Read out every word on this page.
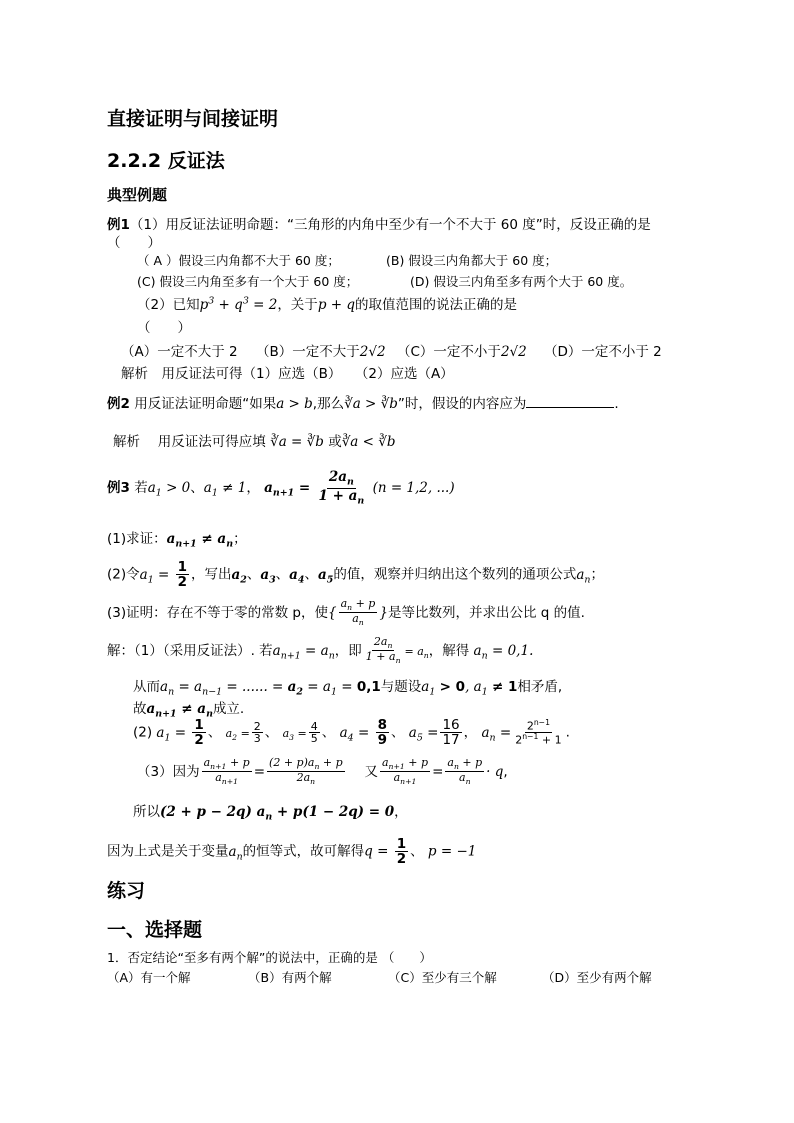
直接证明与间接证明
2.2.2 反证法
典型例题
例1（1）用反证法证明命题：“三角形的内角中至少有一个不大于 60 度”时，反设正确的是
（　　）
（ A ）假设三内角都不大于 60 度；	(B) 假设三内角都大于 60 度；
(C) 假设三内角至多有一个大于 60 度；	(D) 假设三内角至多有两个大于 60 度。
（2）已知$p^3 + q^3 = 2$，关于p + q的取值范围的说法正确的是
（　　）
（A）一定不大于 2 （B）一定不大于2√2 （C）一定不小于2√2 （D）一定不小于 2
解析　用反证法可得（1）应选（B）　　（2）应选（A）
例2 用反证法证明命题“如果a > b,那么∛a > ∛b”时，假设的内容应为	.
解析　 用反证法可得应填 ∛a = ∛b 或∛a < ∛b
例3 若$a_1 > 0$、$a_1 \ne 1$， $a_{n+1} = \frac{2a_n}{1 + a_n} (n = 1,2$, ...)
(1)求证：$a_{n+1} \ne a_n$；
(2)令$a_1 = \frac{1}{2}$ ，写出$a_2$、$a_3$、$a_4$、$a_5$的值，观察并归纳出这个数列的通项公式$a_n$；
(3)证明：存在不等于零的常数 p，使{ $\frac{a_n + p}{a_n}$ }是等比数列，并求出公比 q 的值.
解：（1）（采用反证法）. 若$a_{n+1} = a_n$，即 $\frac{2a_n}{1 + a_n} = a_n$，解得 $a_n = 0,1$.
从而$a_n = a_{n-1}$ = ...... = $a_2 = a_1 = 0,1$与题设$a_1 > 0$, $a_1 \ne 1$相矛盾,
故$a_{n+1} \ne a_n$成立.
(2) $a_1 = \frac{1}{2}$ 、 $a_2 = \frac{2}{3}$ 、 $a_3 = \frac{4}{5}$ 、 $a_4 = \frac{8}{9}$ 、 $a_5 = \frac{16}{17}$ ， $a_n = \frac{2^{n-1}}{2^{n-1} + 1}$ .
（3）因为 $\frac{a_{n+1} + p}{a_{n+1}} = \frac{(2 + p)a_n + p}{2a_n}$
　 又 $\frac{a_{n+1} + p}{a_{n+1}} = \frac{a_n + p}{a_n} \cdot q$,
所以(2 + p − 2q) $a_n + p(1 - 2q) = 0$，
因为上式是关于变量$a_n$的恒等式，故可解得$q = \frac{1}{2}$ 、 p = −1
练习
一、选择题
1．否定结论“至多有两个解”的说法中，正确的是 （　　）
（A）有一个解	（B）有两个解	（C）至少有三个解	（D）至少有两个解
